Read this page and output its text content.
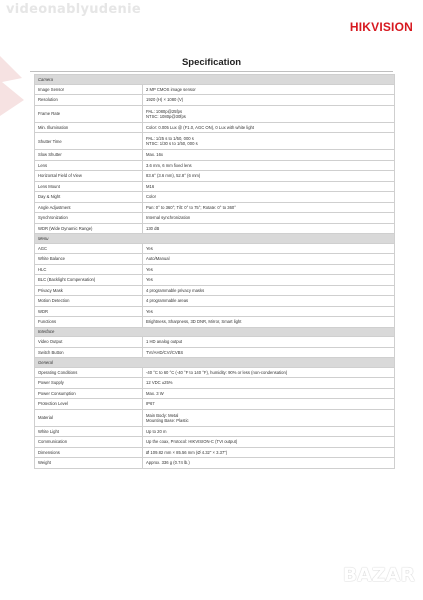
videonablyudenie
HIKVISION
Specification
Camera	
Image Sensor	2 MP CMOS image sensor

Resolution	1920 (H) × 1080 (V)

Frame Rate	PAL: 1080p@25fps
NTSC: 1080p@30fps

Min. Illumination	Color: 0.005 Lux @ (F1.0, AGC ON), 0 Lux with white light

Shutter Time	PAL: 1/25 s to 1/50, 000 s
NTSC: 1/30 s to 1/50, 000 s

Slow Shutter	Max. 16x

Lens	3.6 mm, 6 mm fixed lens

Horizontal Field of View	83.6° (3.6 mm), 52.8° (6 mm)

Lens Mount	M16

Day & Night	Color

Angle Adjustment	Pan: 0° to 360°; Tilt: 0° to 75°; Rotate: 0° to 360°

Synchronization	Internal synchronization

WDR (Wide Dynamic Range)	130 dB

Menu	
AGC	Yes

White Balance	Auto/Manual

HLC	Yes

BLC (Backlight Compensation)	Yes

Privacy Mask	4 programmable privacy masks

Motion Detection	4 programmable areas

WDR	Yes

Functions	Brightness, Sharpness, 3D DNR, Mirror, Smart light

Interface	
Video Output	1 HD analog output

Switch Button	TVI/AHD/CVI/CVBS

General	
Operating Conditions	-40 °C to 60 °C (-40 °F to 140 °F), humidity: 90% or less (non-condensation)

Power Supply	12 VDC ±25%

Power Consumption	Max. 3 W

Protection Level	IP67

Material	Main Body: Metal
Mounting Base: Plastic

White Light	Up to 20 m

Communication	Up the coax, Protocol: HIKVISION-C (TVI output)

Dimensions	Ø 109.82 mm × 85.56 mm (Ø 4.32" × 3.37")

Weight	Approx. 336 g (0.74 lb.)
BAZAR
